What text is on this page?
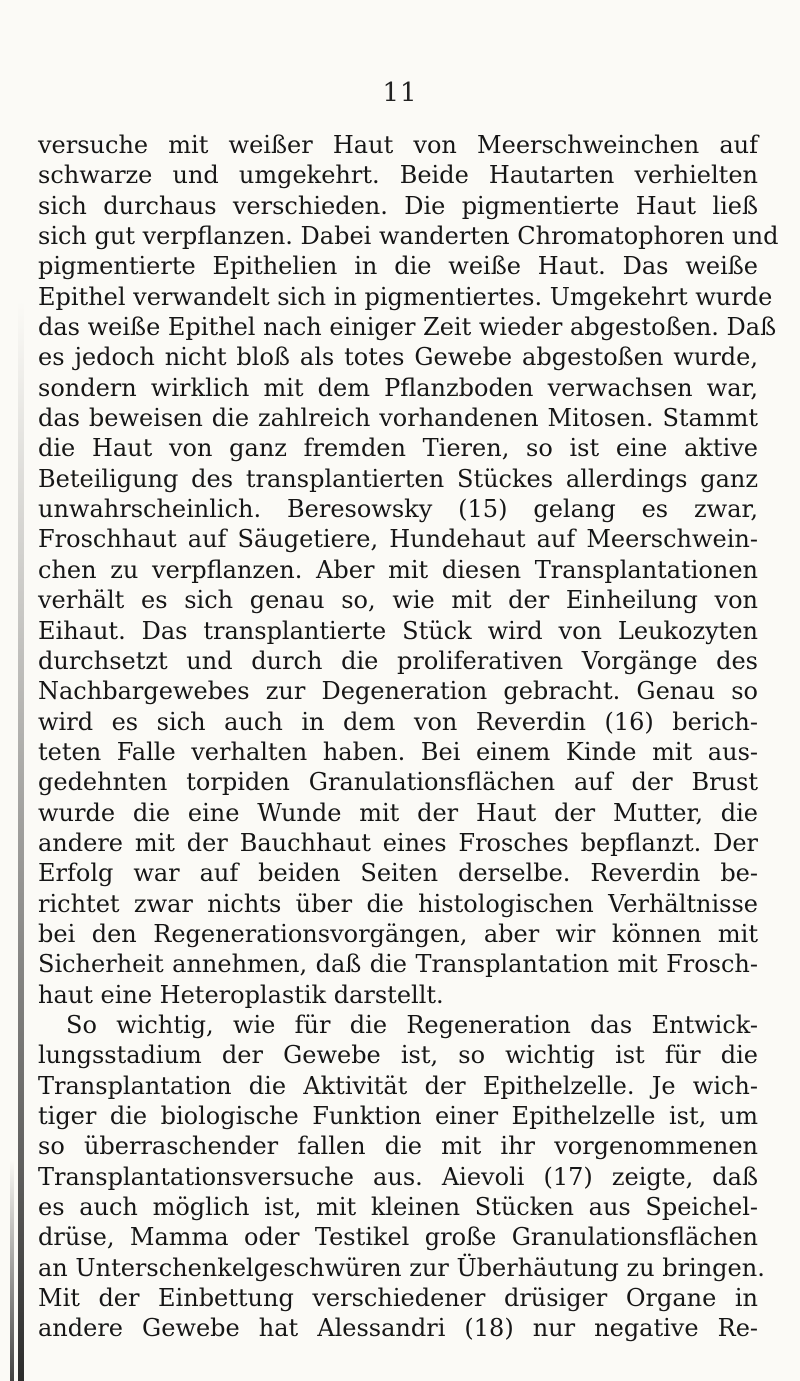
11
versuche mit weißer Haut von Meerschweinchen auf
schwarze und umgekehrt. Beide Hautarten verhielten
sich durchaus verschieden. Die pigmentierte Haut ließ
sich gut verpflanzen. Dabei wanderten Chromatophoren und
pigmentierte Epithelien in die weiße Haut. Das weiße
Epithel verwandelt sich in pigmentiertes. Umgekehrt wurde
das weiße Epithel nach einiger Zeit wieder abgestoßen. Daß
es jedoch nicht bloß als totes Gewebe abgestoßen wurde,
sondern wirklich mit dem Pflanzboden verwachsen war,
das beweisen die zahlreich vorhandenen Mitosen. Stammt
die Haut von ganz fremden Tieren, so ist eine aktive
Beteiligung des transplantierten Stückes allerdings ganz
unwahrscheinlich. Beresowsky (15) gelang es zwar,
Froschhaut auf Säugetiere, Hundehaut auf Meerschwein-
chen zu verpflanzen. Aber mit diesen Transplantationen
verhält es sich genau so, wie mit der Einheilung von
Eihaut. Das transplantierte Stück wird von Leukozyten
durchsetzt und durch die proliferativen Vorgänge des
Nachbargewebes zur Degeneration gebracht. Genau so
wird es sich auch in dem von Reverdin (16) berich-
teten Falle verhalten haben. Bei einem Kinde mit aus-
gedehnten torpiden Granulationsflächen auf der Brust
wurde die eine Wunde mit der Haut der Mutter, die
andere mit der Bauchhaut eines Frosches bepflanzt. Der
Erfolg war auf beiden Seiten derselbe. Reverdin be-
richtet zwar nichts über die histologischen Verhältnisse
bei den Regenerationsvorgängen, aber wir können mit
Sicherheit annehmen, daß die Transplantation mit Frosch-
haut eine Heteroplastik darstellt.
So wichtig, wie für die Regeneration das Entwick-
lungsstadium der Gewebe ist, so wichtig ist für die
Transplantation die Aktivität der Epithelzelle. Je wich-
tiger die biologische Funktion einer Epithelzelle ist, um
so überraschender fallen die mit ihr vorgenommenen
Transplantationsversuche aus. Aievoli (17) zeigte, daß
es auch möglich ist, mit kleinen Stücken aus Speichel-
drüse, Mamma oder Testikel große Granulationsflächen
an Unterschenkelgeschwüren zur Überhäutung zu bringen.
Mit der Einbettung verschiedener drüsiger Organe in
andere Gewebe hat Alessandri (18) nur negative Re-
